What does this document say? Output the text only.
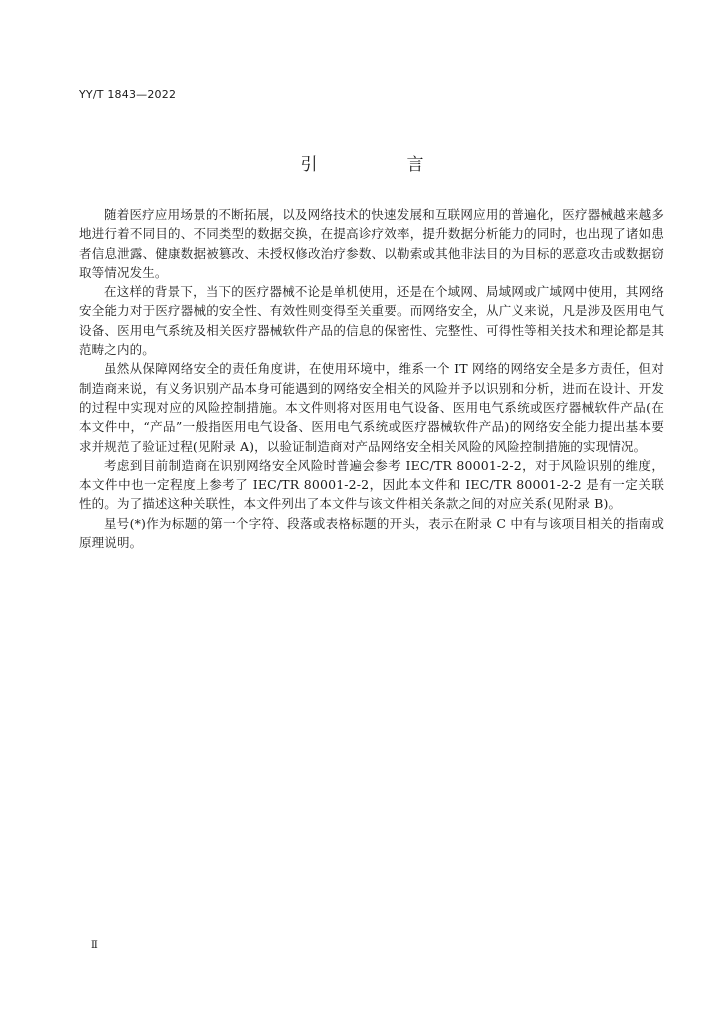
YY/T 1843—2022
引　言

随着医疗应用场景的不断拓展，以及网络技术的快速发展和互联网应用的普遍化，医疗器械越来越多地进行着不同目的、不同类型的数据交换，在提高诊疗效率，提升数据分析能力的同时，也出现了诸如患者信息泄露、健康数据被篡改、未授权修改治疗参数、以勒索或其他非法目的为目标的恶意攻击或数据窃取等情况发生。

在这样的背景下，当下的医疗器械不论是单机使用，还是在个域网、局域网或广域网中使用，其网络安全能力对于医疗器械的安全性、有效性则变得至关重要。而网络安全，从广义来说，凡是涉及医用电气设备、医用电气系统及相关医疗器械软件产品的信息的保密性、完整性、可得性等相关技术和理论都是其范畴之内的。

虽然从保障网络安全的责任角度讲，在使用环境中，维系一个 IT 网络的网络安全是多方责任，但对制造商来说，有义务识别产品本身可能遇到的网络安全相关的风险并予以识别和分析，进而在设计、开发的过程中实现对应的风险控制措施。本文件则将对医用电气设备、医用电气系统或医疗器械软件产品(在本文件中，“产品”一般指医用电气设备、医用电气系统或医疗器械软件产品)的网络安全能力提出基本要求并规范了验证过程(见附录 A)，以验证制造商对产品网络安全相关风险的风险控制措施的实现情况。

考虑到目前制造商在识别网络安全风险时普遍会参考 IEC/TR 80001-2-2，对于风险识别的维度，本文件中也一定程度上参考了 IEC/TR 80001-2-2，因此本文件和 IEC/TR 80001-2-2 是有一定关联性的。为了描述这种关联性，本文件列出了本文件与该文件相关条款之间的对应关系(见附录 B)。

星号(*)作为标题的第一个字符、段落或表格标题的开头，表示在附录 C 中有与该项目相关的指南或原理说明。

Ⅱ
